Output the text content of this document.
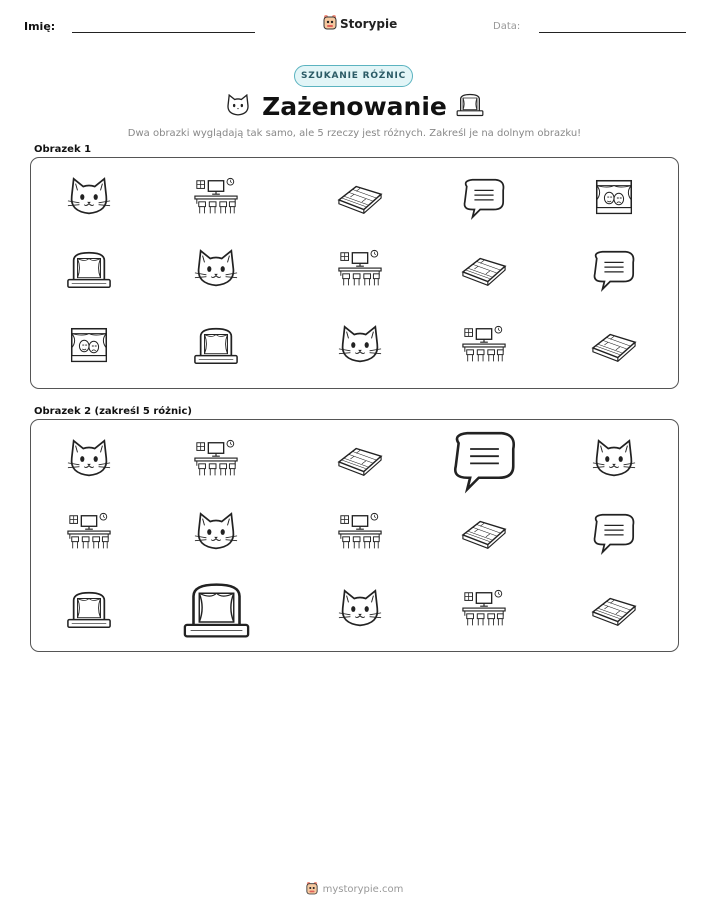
Imię:	Storypie	Data:
SZUKANIE RÓŻNIC
Zażenowanie
Dwa obrazki wyglądają tak samo, ale 5 rzeczy jest różnych. Zakreśl je na dolnym obrazku!
Obrazek 1
Obrazek 2 (zakreśl 5 różnic)
mystorypie.com
